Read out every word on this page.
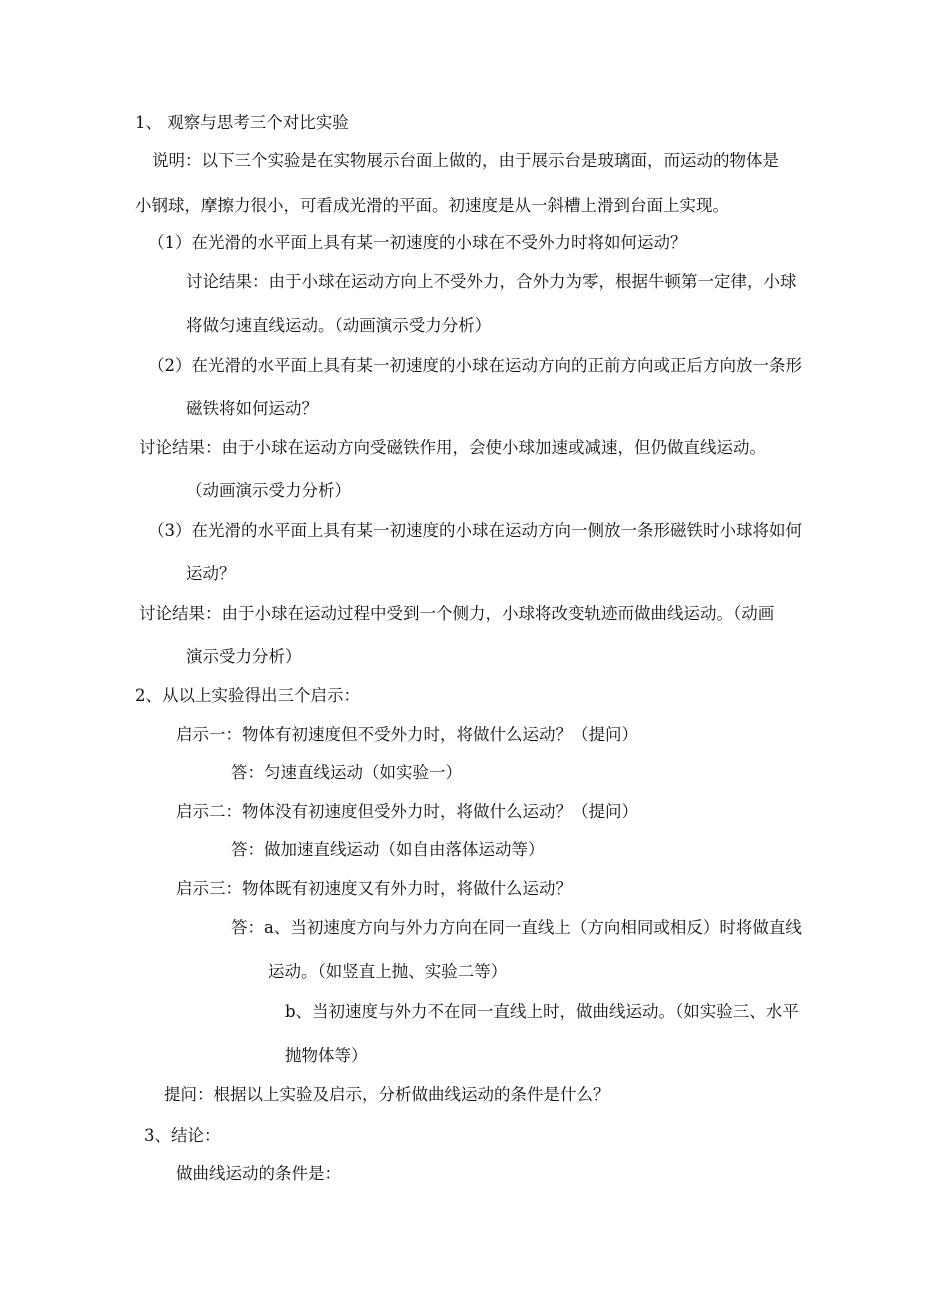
1、 观察与思考三个对比实验
说明：以下三个实验是在实物展示台面上做的，由于展示台是玻璃面，而运动的物体是
小钢球，摩擦力很小，可看成光滑的平面。初速度是从一斜槽上滑到台面上实现。
（1）在光滑的水平面上具有某一初速度的小球在不受外力时将如何运动？
讨论结果：由于小球在运动方向上不受外力，合外力为零，根据牛顿第一定律，小球
将做匀速直线运动。（动画演示受力分析）
（2）在光滑的水平面上具有某一初速度的小球在运动方向的正前方向或正后方向放一条形
磁铁将如何运动？
讨论结果：由于小球在运动方向受磁铁作用，会使小球加速或减速，但仍做直线运动。
（动画演示受力分析）
（3）在光滑的水平面上具有某一初速度的小球在运动方向一侧放一条形磁铁时小球将如何
运动？
讨论结果：由于小球在运动过程中受到一个侧力，小球将改变轨迹而做曲线运动。（动画
演示受力分析）
2、从以上实验得出三个启示：
启示一：物体有初速度但不受外力时，将做什么运动？（提问）
答：匀速直线运动（如实验一）
启示二：物体没有初速度但受外力时，将做什么运动？（提问）
答：做加速直线运动（如自由落体运动等）
启示三：物体既有初速度又有外力时，将做什么运动？
答：a、当初速度方向与外力方向在同一直线上（方向相同或相反）时将做直线
运动。（如竖直上抛、实验二等）
b、当初速度与外力不在同一直线上时，做曲线运动。（如实验三、水平
抛物体等）
提问：根据以上实验及启示，分析做曲线运动的条件是什么？
3、结论：
做曲线运动的条件是：
